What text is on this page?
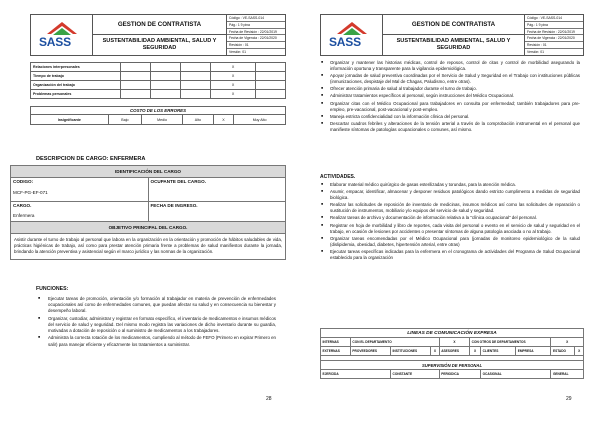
SASS
GESTION DE CONTRATISTA
SUSTENTABILIDAD AMBIENTAL, SALUD Y SEGURIDAD
Código : VE-SASS-014
Pág.: 1 9 pina
Fecha de Revisión : 22/01/2019
Fecha de Vigencia : 22/01/2020
Revisión : 01
Versión: 01
Relaciones interpersonales				X	
Tiempo de trabajo				X	
Organización del trabajo				X	
Problemas personales				X	
COSTO DE LOS ERRORES
Insignificante	Bajo	Medio	Alto	X	Muy Alto
DESCRIPCION DE CARGO: ENFERMERA
IDENTIFICACIÓN DEL CARGO	

CODIGO:
MCF-PG-EF-071	OCUPANTE DEL CARGO.

CARGO.
Enfermera	FECHA DE INGRESO.

OBJETIVO PRINCIPAL DEL CARGO.	
Asistir durante el turno de trabajo al personal que labora en la organización en la orientación y promoción de hábitos saludables de vida, prácticas higiénicas de trabajo, así como para prestar atención primaria frente a problemas de salud manifiestos durante la jornada, brindando la atención preventiva y asistencial según el marco jurídico y las normas de la organización.	
FUNCIONES:
■ Ejecutar tareas de promoción, orientación y/o formación al trabajador en materia de prevención de enfermedades ocupacionales así como de enfermedades comunes, que puedan afectar su salud y en consecuencia su bienestar y desempeño laboral.
■ Organizar, custodiar, administrar y registrar en formato específico, el inventario de medicamentos e insumos médicos del servicio de salud y seguridad. Del mismo modo registra las variaciones de dicho inventario durante su guardia, motivadas a dotación de reposición o al suministro de medicamentos a los trabajadores.
■ Administra la correcta rotación de los medicamentos, cumpliendo al método de FEFO (Primero en expirar Primero en salir) para manejar eficiente y eficazmente los tratamientos a suministrar.
28
SASS
GESTION DE CONTRATISTA
SUSTENTABILIDAD AMBIENTAL, SALUD Y SEGURIDAD
Código : VE-SASS-014
Pág.: 1 9 pina
Fecha de Revisión : 22/01/2019
Fecha de Vigencia : 22/01/2020
Revisión : 01
Versión: 01
■ Organizar y mantener las historias médicas, control de reposos, control de citas y control de morbilidad asegurando la información oportuna y transparente para la vigilancia epidemiológica.
■ Apoyar jornadas de salud preventiva coordinadas por el Servicio de Salud y Seguridad en el Trabajo con instituciones públicas (inmunizaciones, despistaje del Mal de Chagas, Paludismo, entre otras).
■ Ofrecer atención primaria de salud al trabajador durante el turno de trabajo.
■ Administrar tratamientos específicos al personal, según instrucciones del Médico Ocupacional.
■ Organizar citas con el Médico Ocupacional para trabajadores en consulta por enfermedad; también trabajadores para pre-empleo, pre-vacacional, post-vacacional y post-empleo.
■ Maneja estricta confidencialidad con la información clínica del personal.
■ Descartar cuadros febriles y alteraciones de la tensión arterial a través de la comprobación instrumental en el personal que manifieste síntomas de patologías ocupacionales o comunes, así mismo.
ACTIVIDADES.
■ Elaborar material médico quirúrgico de gasas esterilizadas y torundas, para la atención médica.
■ Asumir, empacar, identificar, almacenar y desponer residuos patológicos dando estricto cumplimento a medidas de seguridad biológica.
■ Realizar las solicitudes de reposición de inventario de medicinas, insumos médicos así como las solicitudes de reparación o sustitución de instrumentos, mobiliario y/o equipos del servicio de salud y seguridad.
■ Realizar tareas de archivo y documentación de información relativa a la "clínica ocupacional" del personal.
■ Registrar en hoja de morbilidad y libro de reportes, cada visita del personal o evento en el servicio de salud y seguridad en el trabajo, en ocasión de lesiones por accidentes o presentar síntomas de alguna patología asociada o no al trabajo.
■ Organizar tareas encomendadas por el Médico Ocupacional para (jornadas de monitoreo epidemiológico de la salud (dislipidemia, obesidad, diabetes, hipertensión arterial, entre otras)
■ Ejecutar tareas específicas indicadas para la enfermera en el cronograma de actividades del Programa de Salud Ocupacional establecido para la organización
LINEAS DE COMUNICACIÓN EXPRESA									
INTERNAS	CON EL DEPARTAMENTO			X	CON OTROS DE DEPARTAMENTOS			X	
EXTERNAS	PROVEEDORES	INSTITUCIONES	X	ASESORES	X	CLIENTES	EMPRESA	ESTADO	X

SUPERVISIÓN DE PERSONAL									
EJERCIDA		CONSTANTE		PERIODICA		OCASIONAL		GENERAL	
29
